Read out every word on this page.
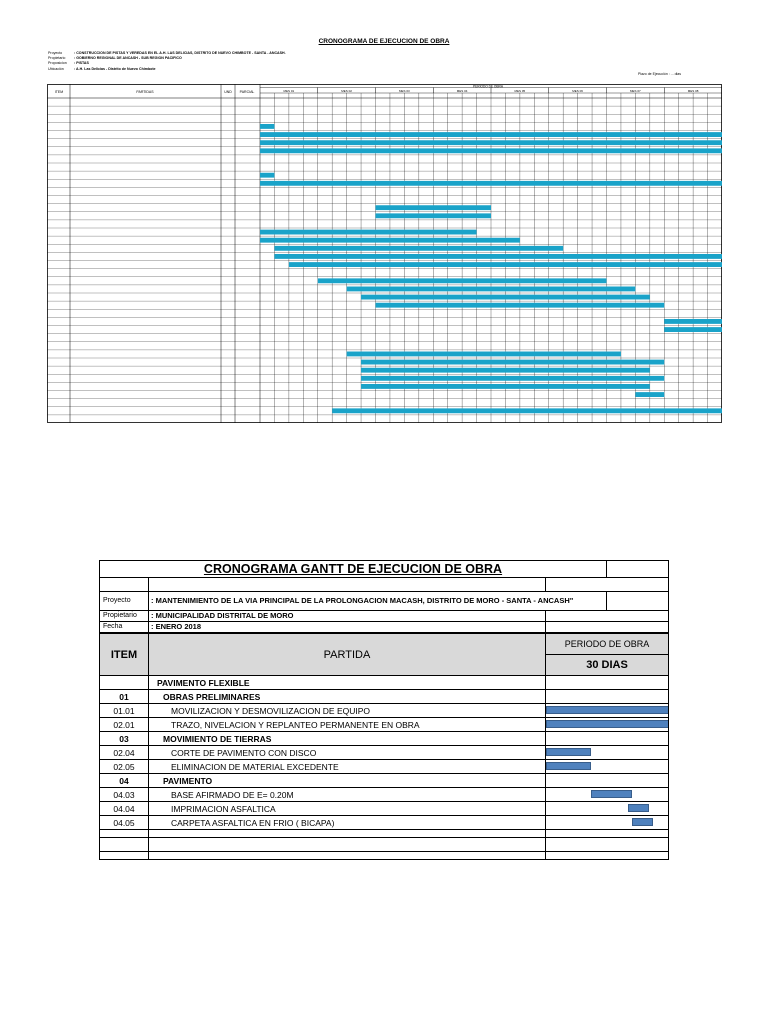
CRONOGRAMA DE EJECUCION DE OBRA
Proyecto	: CONSTRUCCION DE PISTAS Y VEREDAS EN EL A.H. LAS DELICIAS, DISTRITO DE NUEVO CHIMBOTE - SANTA - ANCASH.
Propietario : GOBIERNO REGIONAL DE ANCASH - SUB REGION PACIFICO
Proposicion : PISTAS
Ubicación	: A.H. Las Delicias - Distrito de Nuevo Chimbote
Plazo de Ejecución : ... dias
ITEM	PARTIDAS	UND PARCIAL
PERIODO DE OBRA
MES 01	MES 02	MES 03	MES 04	MES 05	MES 06	MES 07	MES 08
CRONOGRAMA GANTT DE EJECUCION DE OBRA			

Proyecto	: MANTENIMIENTO DE LA VIA PRINCIPAL DE LA PROLONGACION MACASH, DISTRITO DE MORO - SANTA - ANCASH"		
Propietario	: MUNICIPALIDAD DISTRITAL DE MORO		
Fecha	: ENERO 2018		
ITEM	PARTIDA	PERIODO DE OBRA	
		30 DIAS	
	PAVIMENTO FLEXIBLE		
01	OBRAS PRELIMINARES		
01.01	MOVILIZACION Y DESMOVILIZACION DE EQUIPO		

02.01	TRAZO, NIVELACION Y REPLANTEO PERMANENTE EN OBRA		

03	MOVIMIENTO DE TIERRAS		
02.04	CORTE DE PAVIMENTO CON DISCO		

02.05	ELIMINACION DE MATERIAL EXCEDENTE		

04	PAVIMENTO		
04.03	BASE AFIRMADO DE E= 0.20M		

04.04	IMPRIMACION ASFALTICA		

04.05	CARPETA ASFALTICA EN FRIO ( BICAPA)		
